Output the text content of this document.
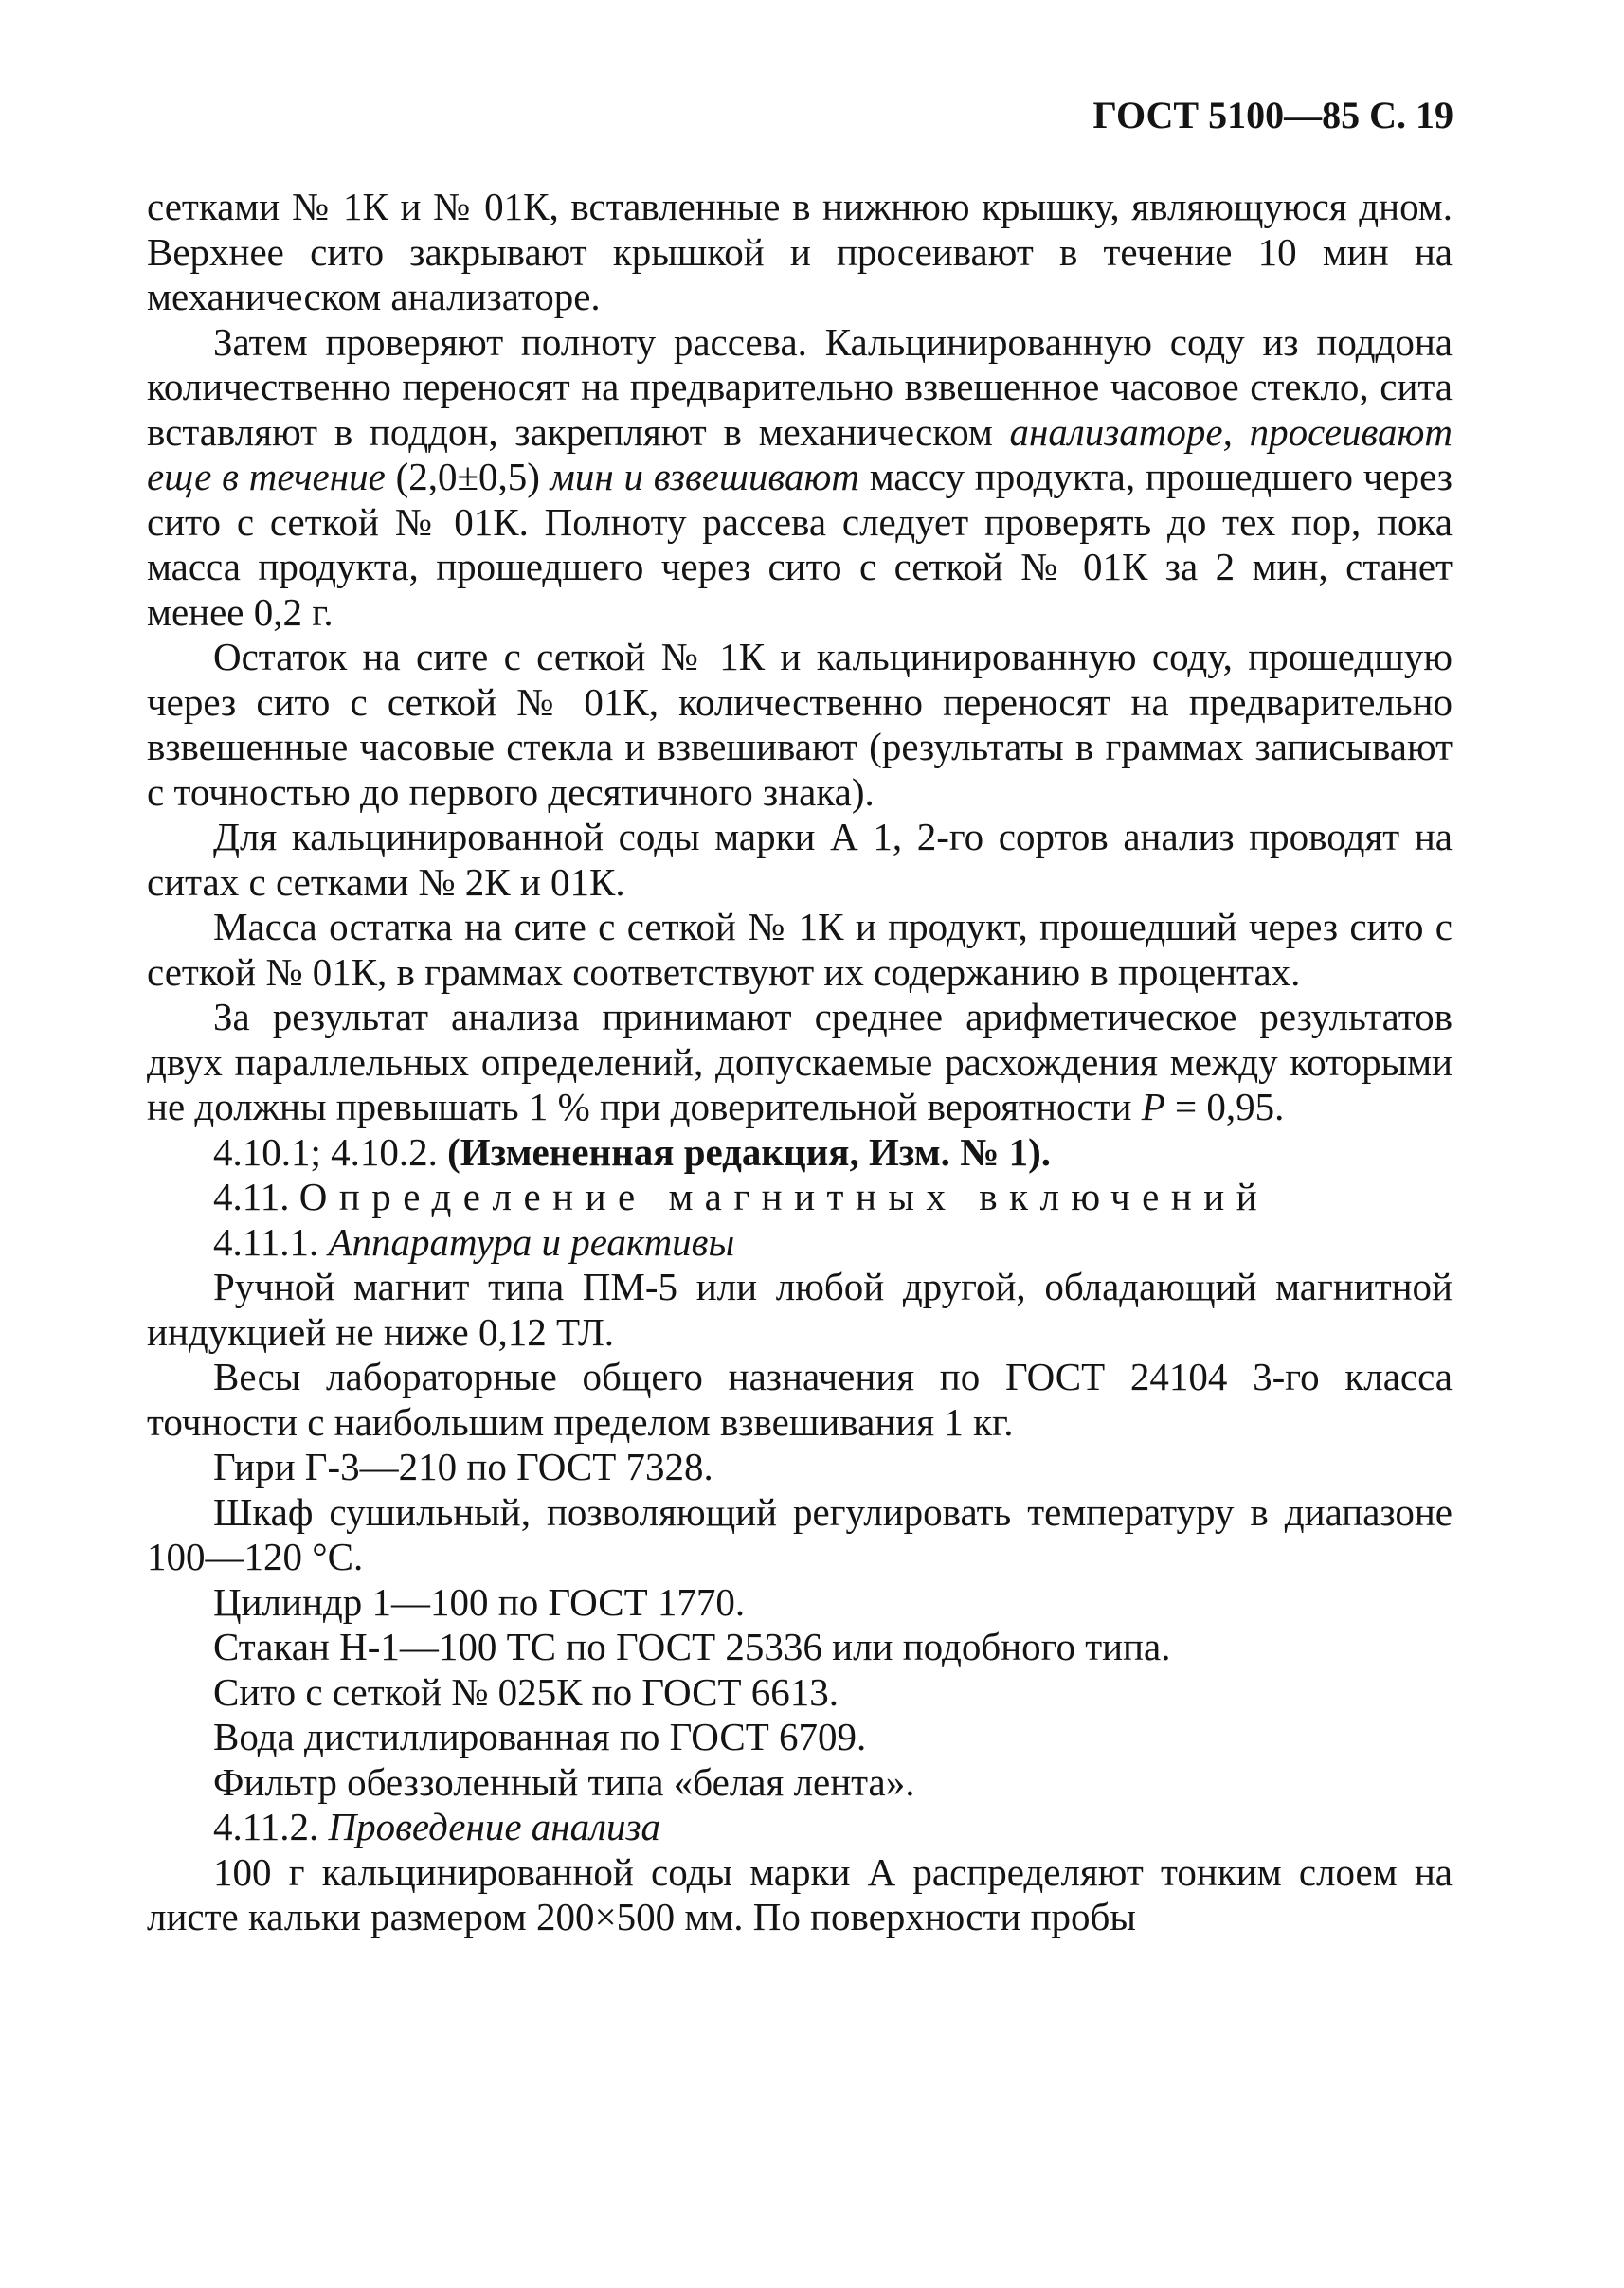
ГОСТ 5100—85 С. 19

сетками № 1К и № 01К, вставленные в нижнюю крышку, являющуюся дном. Верхнее сито закрывают крышкой и просеивают в течение 10 мин на механическом анализаторе.

Затем проверяют полноту рассева. Кальцинированную соду из поддона количественно переносят на предварительно взвешенное часовое стекло, сита вставляют в поддон, закрепляют в механическом анализаторе, просеивают еще в течение (2,0±0,5) мин и взвешивают массу продукта, прошедшего через сито с сеткой № 01К. Полноту рассева следует проверять до тех пор, пока масса продукта, прошедшего через сито с сеткой № 01К за 2 мин, станет менее 0,2 г.

Остаток на сите с сеткой № 1К и кальцинированную соду, прошедшую через сито с сеткой № 01К, количественно переносят на предварительно взвешенные часовые стекла и взвешивают (результаты в граммах записывают с точностью до первого десятичного знака).

Для кальцинированной соды марки А 1, 2-го сортов анализ проводят на ситах с сетками № 2К и 01К.

Масса остатка на сите с сеткой № 1К и продукт, прошедший через сито с сеткой № 01К, в граммах соответствуют их содержанию в процентах.

За результат анализа принимают среднее арифметическое результатов двух параллельных определений, допускаемые расхождения между которыми не должны превышать 1 % при доверительной вероятности P = 0,95.

4.10.1; 4.10.2. (Измененная редакция, Изм. № 1).

4.11. Определение магнитных включений

4.11.1. Аппаратура и реактивы

Ручной магнит типа ПМ-5 или любой другой, обладающий магнитной индукцией не ниже 0,12 ТЛ.

Весы лабораторные общего назначения по ГОСТ 24104 3-го класса точности с наибольшим пределом взвешивания 1 кг.

Гири Г-3—210 по ГОСТ 7328.

Шкаф сушильный, позволяющий регулировать температуру в диапазоне 100—120 °С.

Цилиндр 1—100 по ГОСТ 1770.

Стакан Н-1—100 ТС по ГОСТ 25336 или подобного типа.

Сито с сеткой № 025К по ГОСТ 6613.

Вода дистиллированная по ГОСТ 6709.

Фильтр обеззоленный типа «белая лента».

4.11.2. Проведение анализа

100 г кальцинированной соды марки А распределяют тонким слоем на листе кальки размером 200×500 мм. По поверхности пробы
